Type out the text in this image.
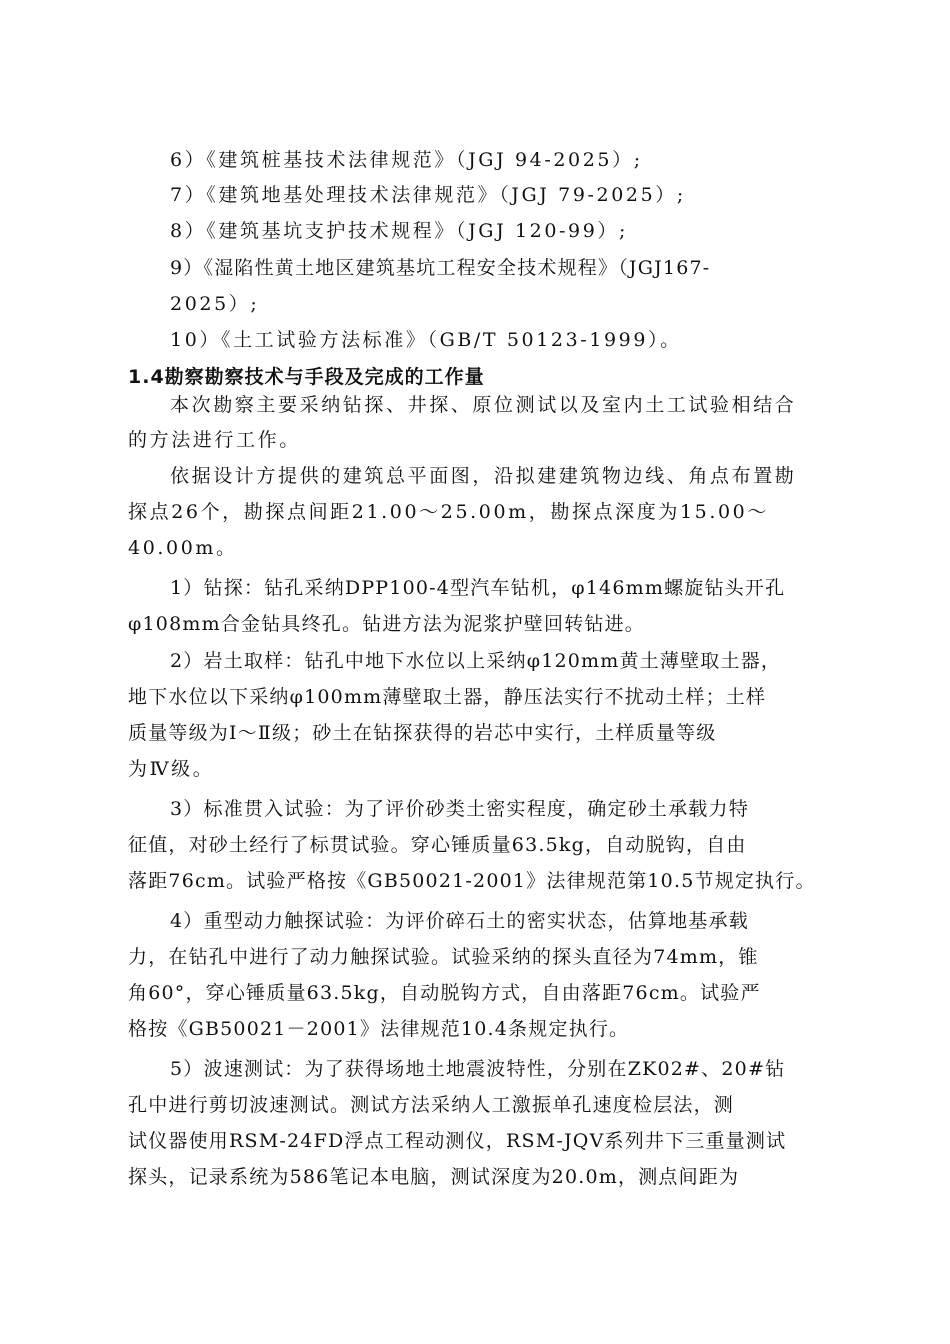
6）《建筑桩基技术法律规范》（JGJ 94-2025）;
7）《建筑地基处理技术法律规范》（JGJ 79-2025）;
8）《建筑基坑支护技术规程》（JGJ 120-99）;
9）《湿陷性黄土地区建筑基坑工程安全技术规程》（JGJ167-
2025）;
10）《土工试验方法标准》（GB/T 50123-1999）。
1.4勘察勘察技术与手段及完成的工作量
本次勘察主要采纳钻探、井探、原位测试以及室内土工试验相结合
的方法进行工作。
依据设计方提供的建筑总平面图，沿拟建建筑物边线、角点布置勘
探点26个，勘探点间距21.00～25.00m，勘探点深度为15.00～
40.00m。
1）钻探：钻孔采纳DPP100-4型汽车钻机，φ146mm螺旋钻头开孔
φ108mm合金钻具终孔。钻进方法为泥浆护壁回转钻进。
2）岩土取样：钻孔中地下水位以上采纳φ120mm黄土薄壁取土器，
地下水位以下采纳φ100mm薄壁取土器，静压法实行不扰动土样；土样
质量等级为Ⅰ～Ⅱ级；砂土在钻探获得的岩芯中实行，土样质量等级
为Ⅳ级。
3）标准贯入试验：为了评价砂类土密实程度，确定砂土承载力特
征值，对砂土经行了标贯试验。穿心锤质量63.5kg，自动脱钩，自由
落距76cm。试验严格按《GB50021-2001》法律规范第10.5节规定执行。
4）重型动力触探试验：为评价碎石土的密实状态，估算地基承载
力，在钻孔中进行了动力触探试验。试验采纳的探头直径为74mm，锥
角60°，穿心锤质量63.5kg，自动脱钩方式，自由落距76cm。试验严
格按《GB50021－2001》法律规范10.4条规定执行。
5）波速测试：为了获得场地土地震波特性，分别在ZK02#、20#钻
孔中进行剪切波速测试。测试方法采纳人工激振单孔速度检层法，测
试仪器使用RSM-24FD浮点工程动测仪，RSM-JQV系列井下三重量测试
探头，记录系统为586笔记本电脑，测试深度为20.0m，测点间距为
